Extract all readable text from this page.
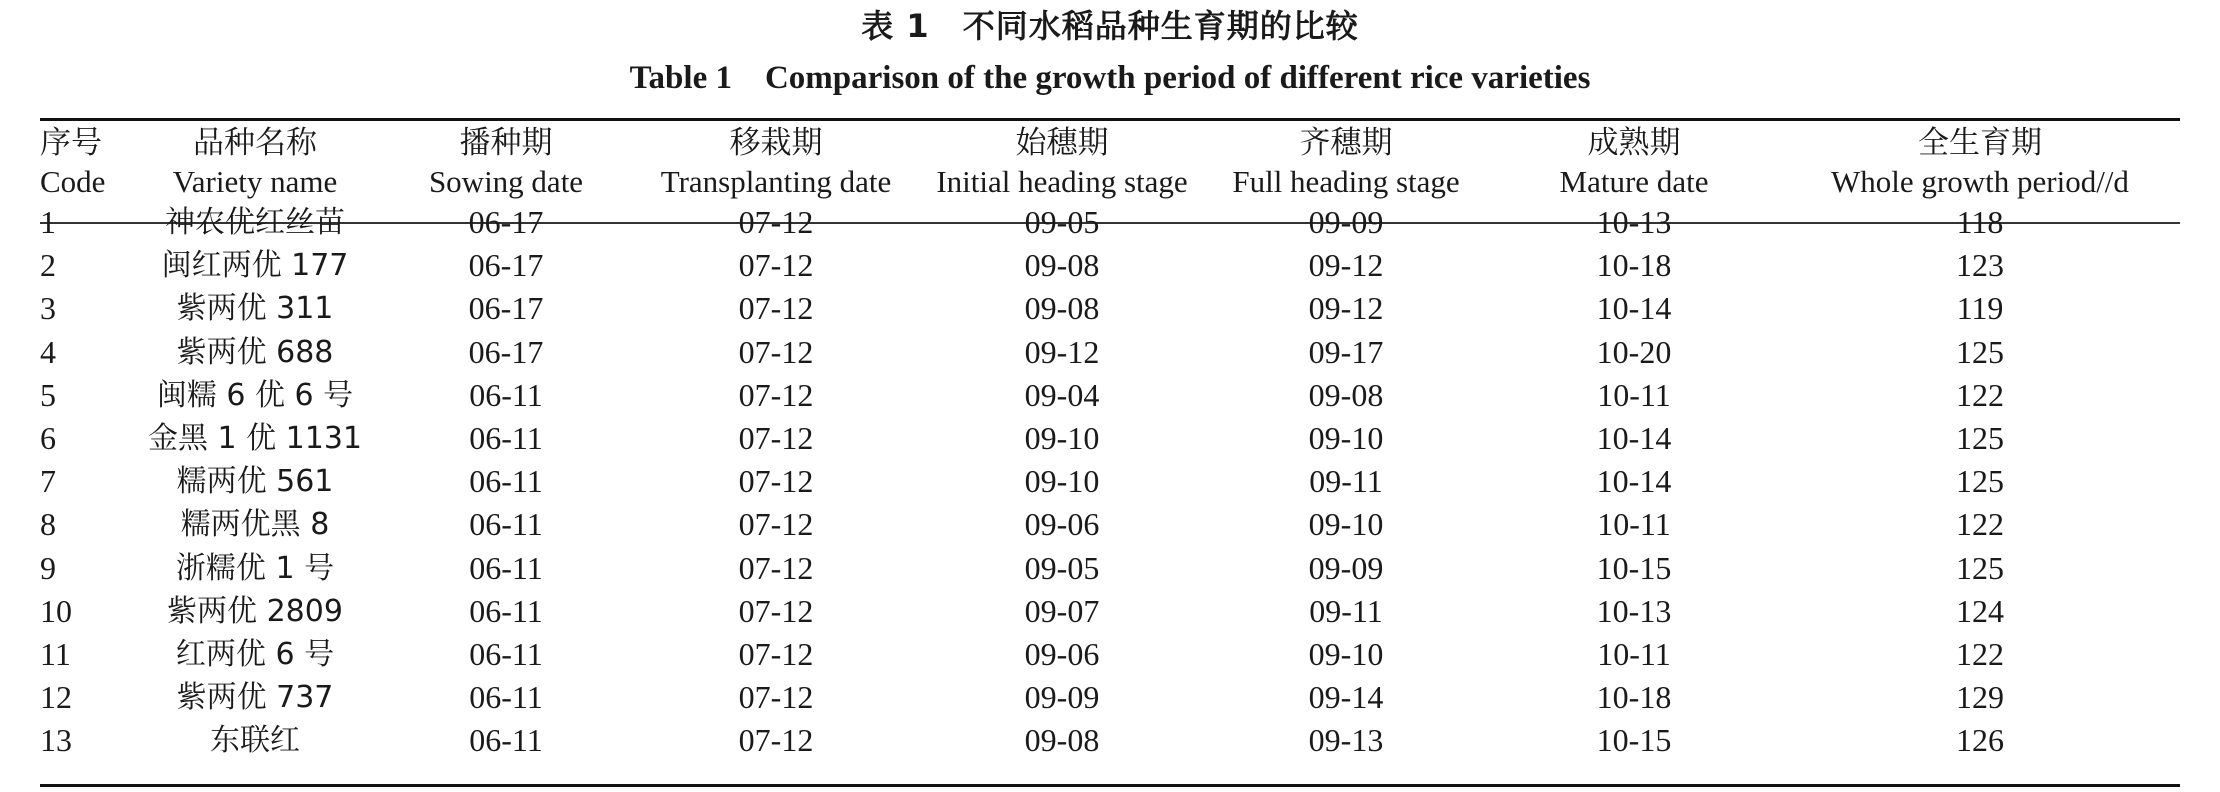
表 1　不同水稻品种生育期的比较
Table 1　Comparison of the growth period of different rice varieties
序号	品种名称	播种期	移栽期	始穗期	齐穗期	成熟期	全生育期
Code	Variety name	Sowing date	Transplanting date	Initial heading stage	Full heading stage	Mature date	Whole growth period//d
1	神农优红丝苗	06-17	07-12	09-05	09-09	10-13	118
2	闽红两优 177	06-17	07-12	09-08	09-12	10-18	123
3	紫两优 311	06-17	07-12	09-08	09-12	10-14	119
4	紫两优 688	06-17	07-12	09-12	09-17	10-20	125
5	闽糯 6 优 6 号	06-11	07-12	09-04	09-08	10-11	122
6	金黑 1 优 1131	06-11	07-12	09-10	09-10	10-14	125
7	糯两优 561	06-11	07-12	09-10	09-11	10-14	125
8	糯两优黑 8	06-11	07-12	09-06	09-10	10-11	122
9	浙糯优 1 号	06-11	07-12	09-05	09-09	10-15	125
10	紫两优 2809	06-11	07-12	09-07	09-11	10-13	124
11	红两优 6 号	06-11	07-12	09-06	09-10	10-11	122
12	紫两优 737	06-11	07-12	09-09	09-14	10-18	129
13	东联红	06-11	07-12	09-08	09-13	10-15	126
